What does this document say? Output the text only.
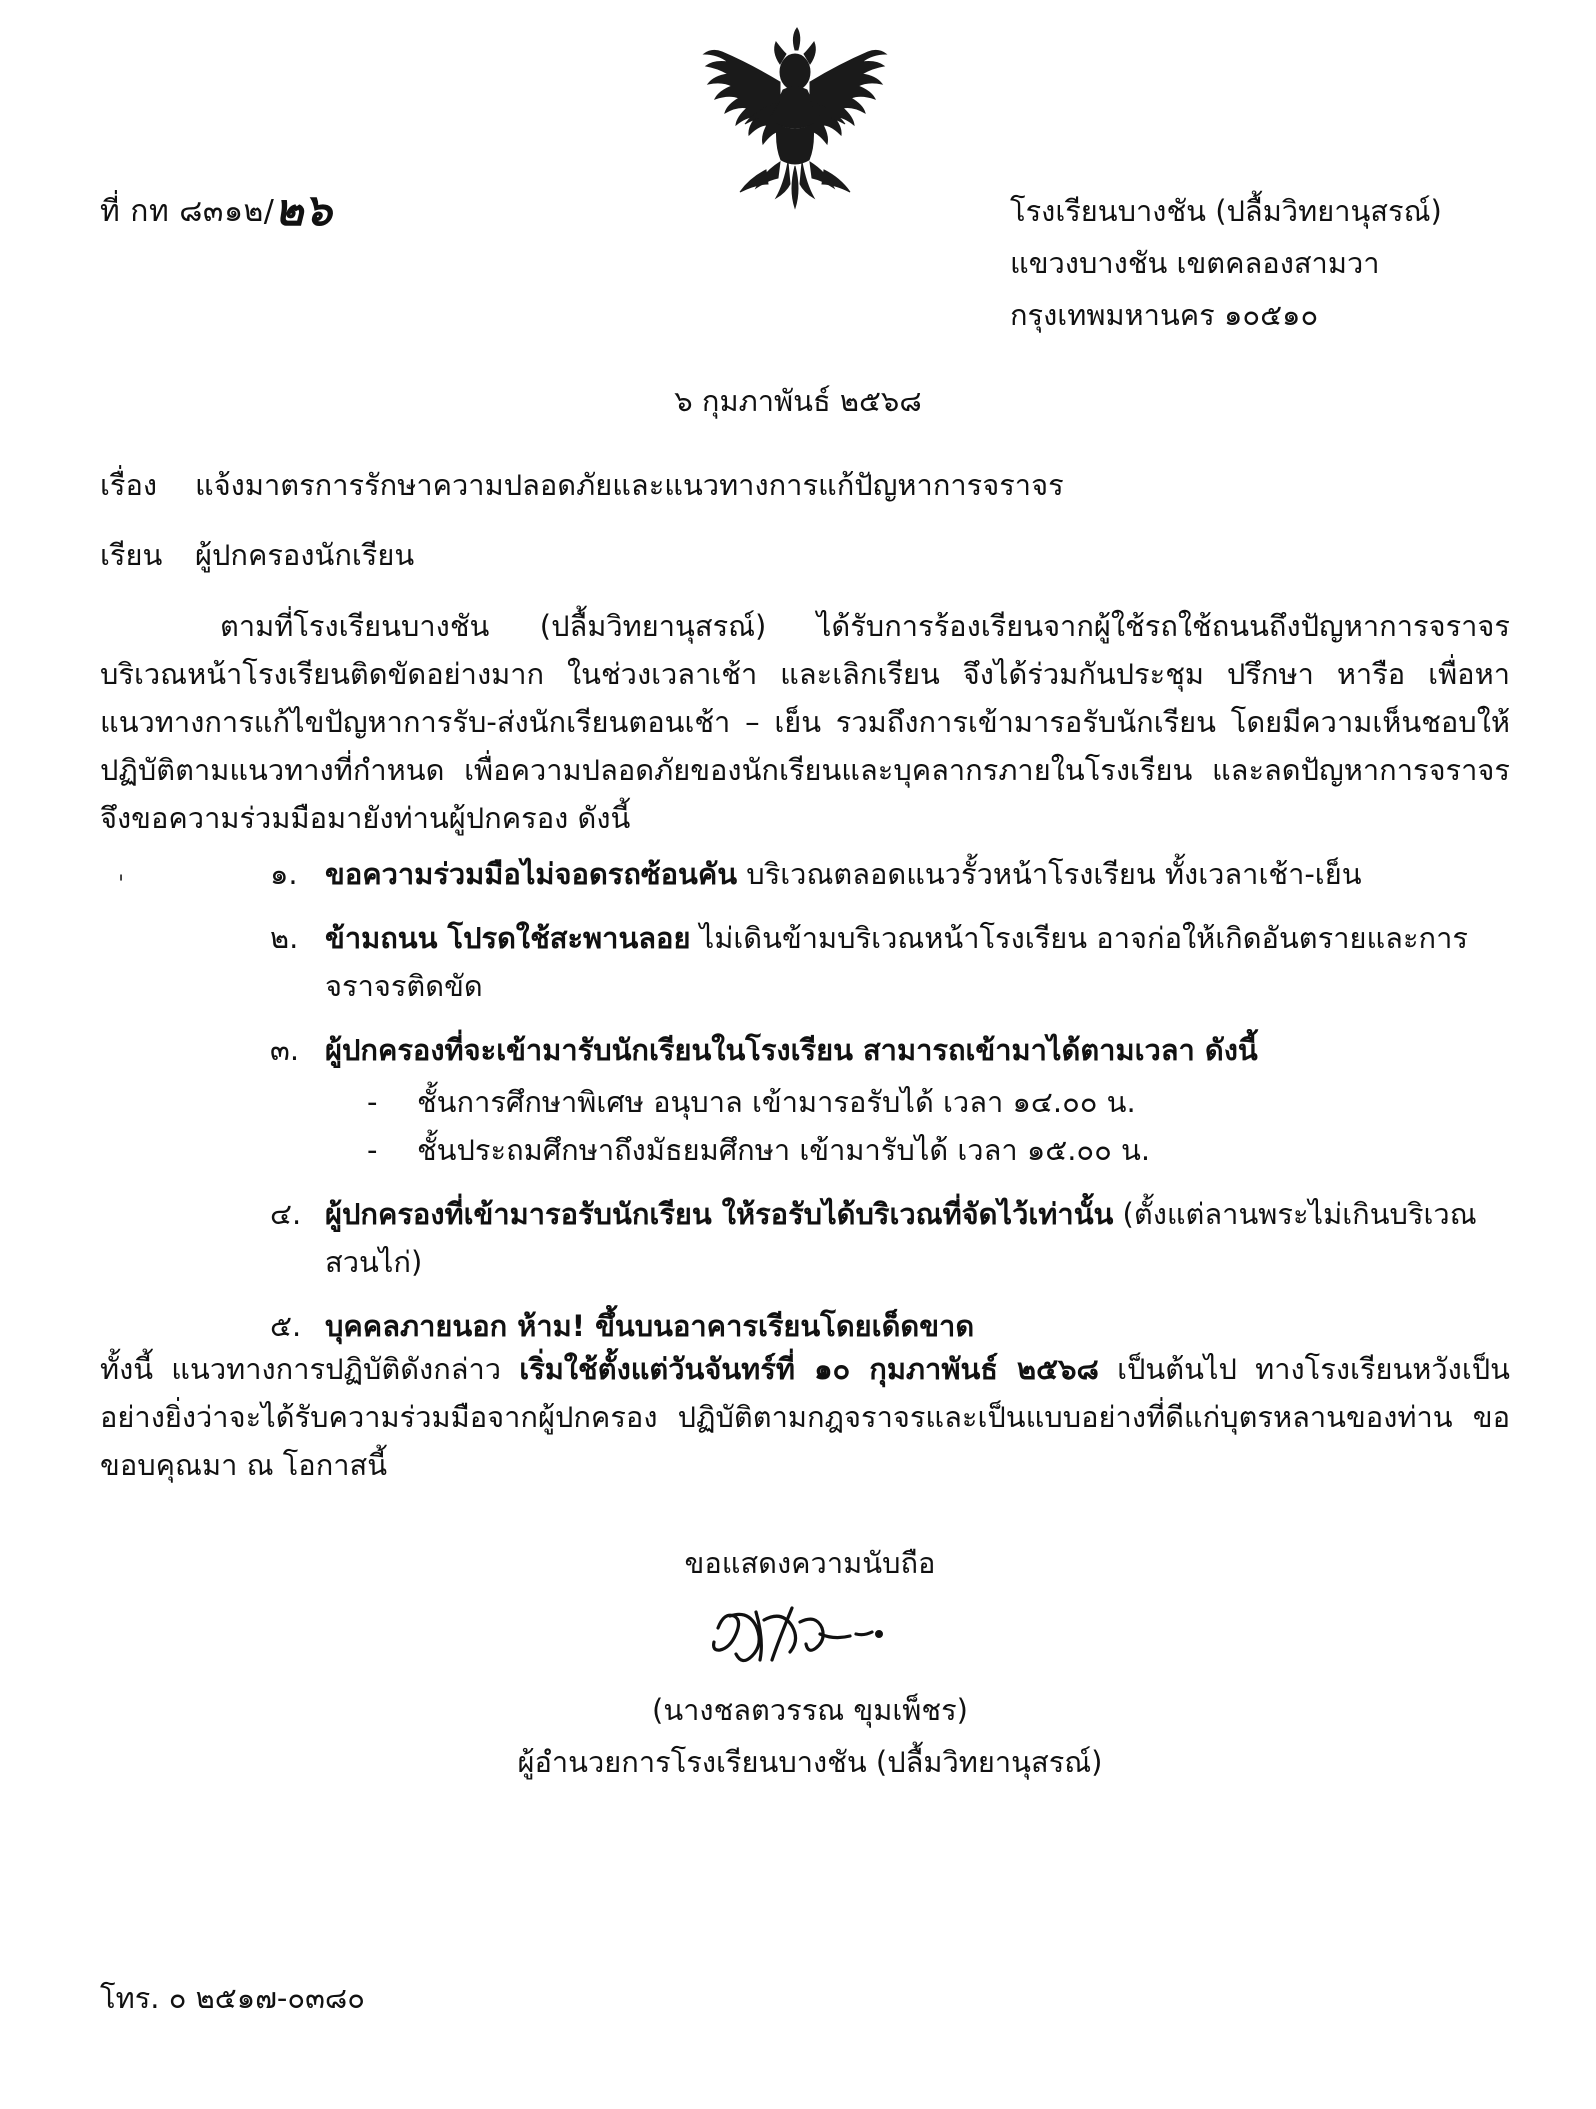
ที่ กท ๘๓๑๒/๒๖	โรงเรียนบางชัน (ปลื้มวิทยานุสรณ์)
แขวงบางชัน เขตคลองสามวา
กรุงเทพมหานคร ๑๐๕๑๐
๖ กุมภาพันธ์ ๒๕๖๘
เรื่อง แจ้งมาตรการรักษาความปลอดภัยและแนวทางการแก้ปัญหาการจราจร
เรียน ผู้ปกครองนักเรียน
ตามที่โรงเรียนบางชัน (ปลื้มวิทยานุสรณ์) ได้รับการร้องเรียนจากผู้ใช้รถใช้ถนนถึงปัญหาการจราจรบริเวณหน้าโรงเรียนติดขัดอย่างมาก ในช่วงเวลาเช้า และเลิกเรียน จึงได้ร่วมกันประชุม ปรึกษา หารือ เพื่อหาแนวทางการแก้ไขปัญหาการรับ-ส่งนักเรียนตอนเช้า – เย็น รวมถึงการเข้ามารอรับนักเรียน โดยมีความเห็นชอบให้ปฏิบัติตามแนวทางที่กำหนด เพื่อความปลอดภัยของนักเรียนและบุคลากรภายในโรงเรียน และลดปัญหาการจราจร จึงขอความร่วมมือมายังท่านผู้ปกครอง ดังนี้
'	๑. ขอความร่วมมือไม่จอดรถซ้อนคัน บริเวณตลอดแนวรั้วหน้าโรงเรียน ทั้งเวลาเช้า-เย็น
๒. ข้ามถนน โปรดใช้สะพานลอย ไม่เดินข้ามบริเวณหน้าโรงเรียน อาจก่อให้เกิดอันตรายและการจราจรติดขัด
๓. ผู้ปกครองที่จะเข้ามารับนักเรียนในโรงเรียน สามารถเข้ามาได้ตามเวลา ดังนี้
-	ชั้นการศึกษาพิเศษ อนุบาล เข้ามารอรับได้ เวลา ๑๔.๐๐ น.
-	ชั้นประถมศึกษาถึงมัธยมศึกษา เข้ามารับได้ เวลา ๑๕.๐๐ น.
๔. ผู้ปกครองที่เข้ามารอรับนักเรียน ให้รอรับได้บริเวณที่จัดไว้เท่านั้น (ตั้งแต่ลานพระไม่เกินบริเวณสวนไก่)
๕. บุคคลภายนอก ห้าม! ขึ้นบนอาคารเรียนโดยเด็ดขาด
ทั้งนี้ แนวทางการปฏิบัติดังกล่าว เริ่มใช้ตั้งแต่วันจันทร์ที่ ๑๐ กุมภาพันธ์ ๒๕๖๘ เป็นต้นไป ทางโรงเรียนหวังเป็นอย่างยิ่งว่าจะได้รับความร่วมมือจากผู้ปกครอง ปฏิบัติตามกฎจราจรและเป็นแบบอย่างที่ดีแก่บุตรหลานของท่าน ขอขอบคุณมา ณ โอกาสนี้
ขอแสดงความนับถือ
(นางชลตวรรณ ขุมเพ็ชร)
ผู้อำนวยการโรงเรียนบางชัน (ปลื้มวิทยานุสรณ์)
โทร. ๐ ๒๕๑๗-๐๓๘๐
